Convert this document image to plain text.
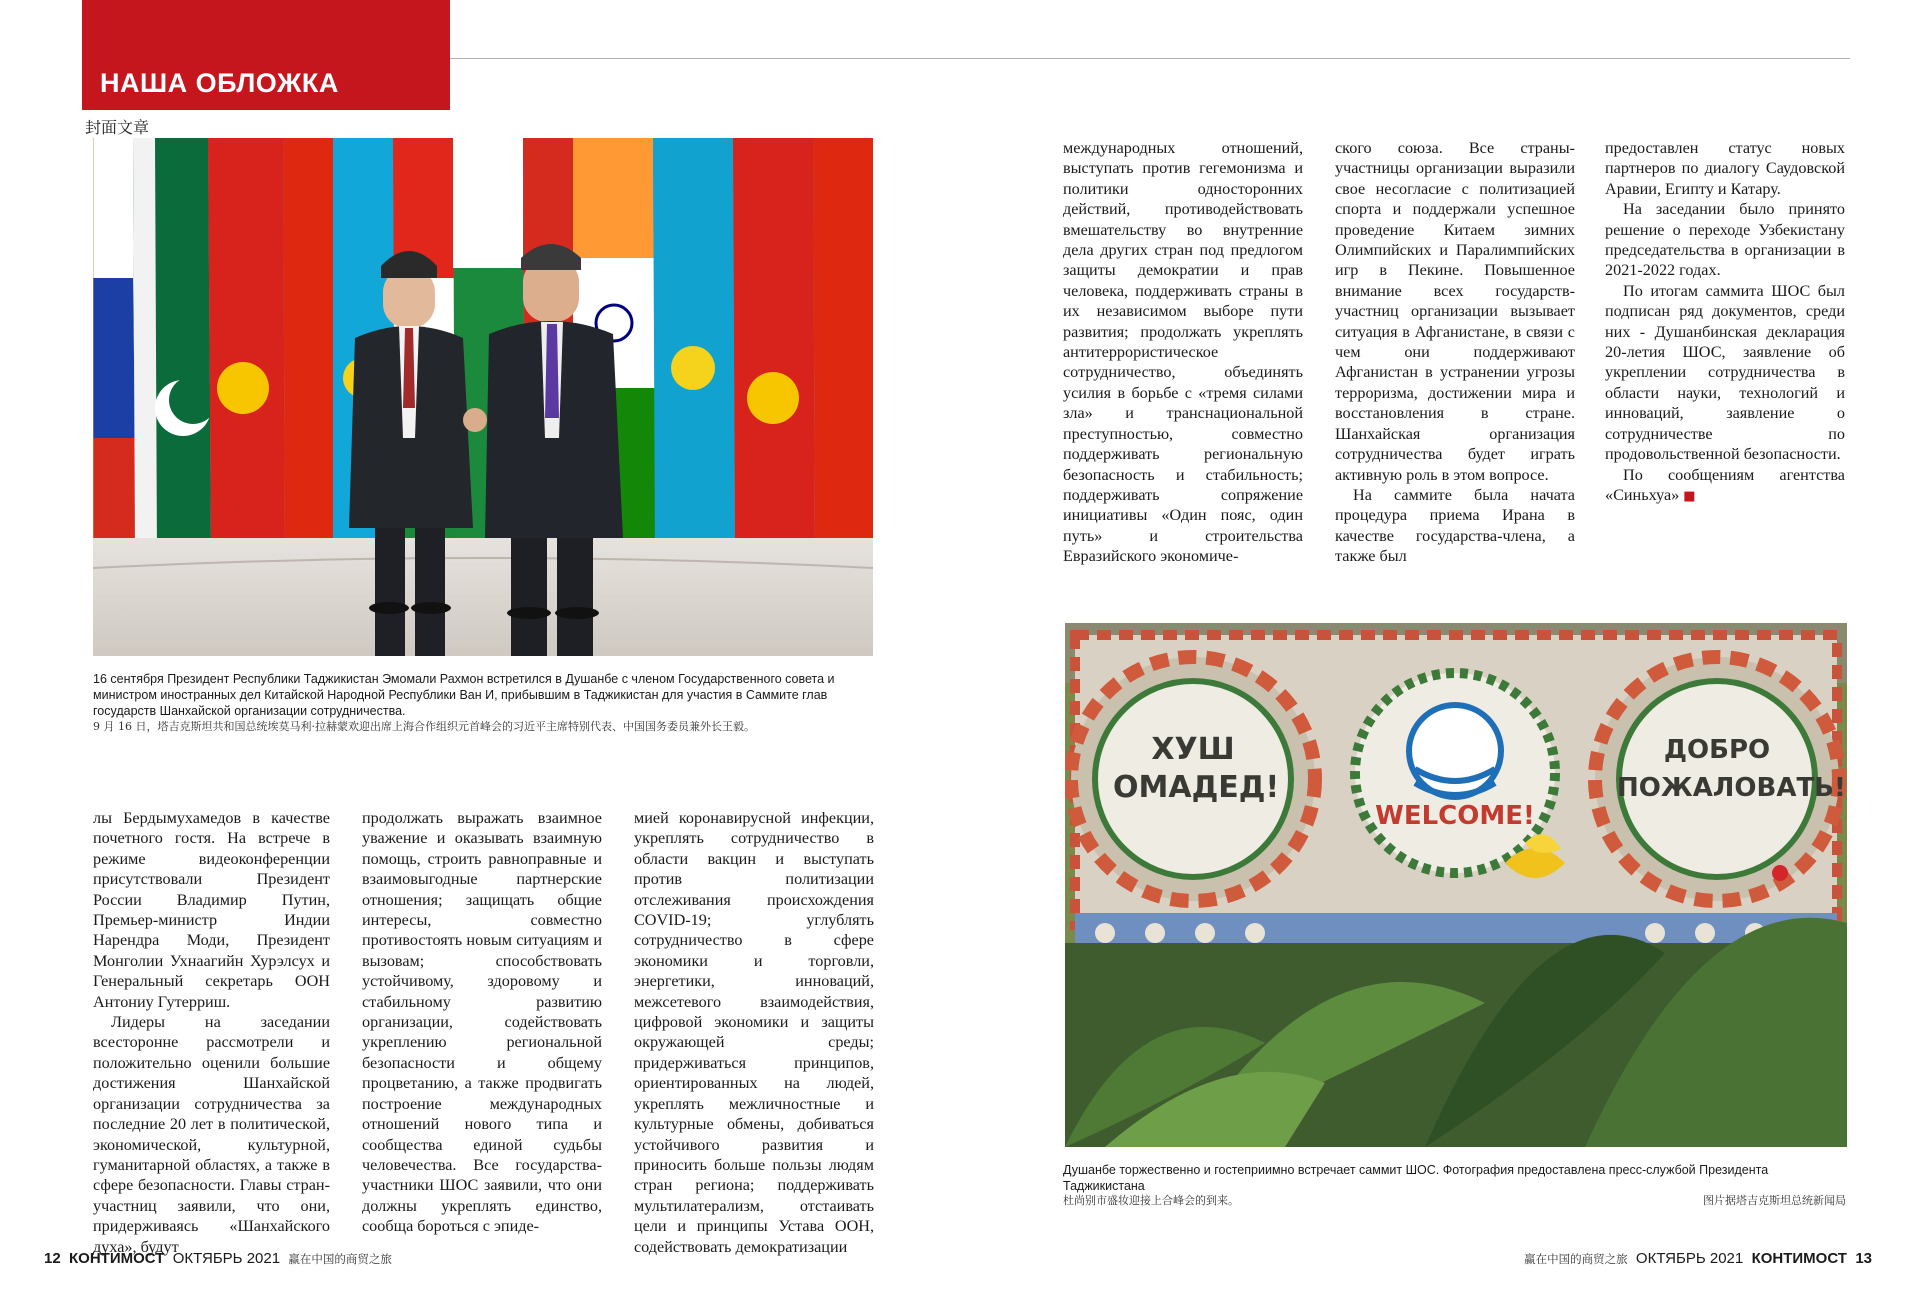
НАША ОБЛОЖКА
封面文章
16 сентября Президент Республики Таджикистан Эмомали Рахмон встретился в Душанбе с членом Государственного совета и министром иностранных дел Китайской Народной Республики Ван И, прибывшим в Таджикистан для участия в Саммите глав государств Шанхайской организации сотрудничества.
9 月 16 日，塔吉克斯坦共和国总统埃莫马利·拉赫蒙欢迎出席上海合作组织元首峰会的习近平主席特别代表、中国国务委员兼外长王毅。

лы Бердымухамедов в качестве почетного гостя. На встрече в режиме видеоконференции присутствовали Президент России Владимир Путин, Премьер-министр Индии Нарендра Моди, Президент Монголии Ухнаагийн Хурэлсух и Генеральный секретарь ООН Антониу Гутерриш.

Лидеры на заседании всесторонне рассмотрели и положительно оценили большие достижения Шанхайской организации сотрудничества за последние 20 лет в политической, экономической, культурной, гуманитарной областях, а также в сфере безопасности. Главы стран-участниц заявили, что они, придерживаясь «Шанхайского духа», будут

продолжать выражать взаимное уважение и оказывать взаимную помощь, строить равноправные и взаимовыгодные партнерские отношения; защищать общие интересы, совместно противостоять новым ситуациям и вызовам; способствовать устойчивому, здоровому и стабильному развитию организации, содействовать укреплению региональной безопасности и общему процветанию, а также продвигать построение международных отношений нового типа и сообщества единой судьбы человечества. Все государства-участники ШОС заявили, что они должны укреплять единство, сообща бороться с эпиде-

мией коронавирусной инфекции, укреплять сотрудничество в области вакцин и выступать против политизации отслеживания происхождения COVID-19; углублять сотрудничество в сфере экономики и торговли, энергетики, инноваций, межсетевого взаимодействия, цифровой экономики и защиты окружающей среды; придерживаться принципов, ориентированных на людей, укреплять межличностные и культурные обмены, добиваться устойчивого развития и приносить больше пользы людям стран региона; поддерживать мультилатерализм, отстаивать цели и принципы Устава ООН, содействовать демократизации

международных отношений, выступать против гегемонизма и политики односторонних действий, противодействовать вмешательству во внутренние дела других стран под предлогом защиты демократии и прав человека, поддерживать страны в их независимом выборе пути развития; продолжать укреплять антитеррористическое сотрудничество, объединять усилия в борьбе с «тремя силами зла» и транснациональной преступностью, совместно поддерживать региональную безопасность и стабильность; поддерживать сопряжение инициативы «Один пояс, один путь» и строительства Евразийского экономиче-

ского союза. Все страны-участницы организации выразили свое несогласие с политизацией спорта и поддержали успешное проведение Китаем зимних Олимпийских и Паралимпийских игр в Пекине. Повышенное внимание всех государств-участниц организации вызывает ситуация в Афганистане, в связи с чем они поддерживают Афганистан в устранении угрозы терроризма, достижении мира и восстановления в стране. Шанхайская организация сотрудничества будет играть активную роль в этом вопросе.

На саммите была начата процедура приема Ирана в качестве государства-члена, а также был

предоставлен статус новых партнеров по диалогу Саудовской Аравии, Египту и Катару.

На заседании было принято решение о переходе Узбекистану председательства в организации в 2021-2022 годах.

По итогам саммита ШОС был подписан ряд документов, среди них - Душанбинская декларация 20-летия ШОС, заявление об укреплении сотрудничества в области науки, технологий и инноваций, заявление о сотрудничестве по продовольственной безопасности.

По сообщениям агентства «Синьхуа» ■

ХУШ ОМАДЕД!
WELCOME!
ДОБРО ПОЖАЛОВАТЬ!
Душанбе торжественно и гостеприимно встречает саммит ШОС. Фотография предоставлена пресс-службой Президента Таджикистана
杜尚别市盛妆迎接上合峰会的到来。	图片据塔吉克斯坦总统新闻局
12 КОНТИМОСТ ОКТЯБРЬ 2021 赢在中国的商贸之旅	赢在中国的商贸之旅 ОКТЯБРЬ 2021 КОНТИМОСТ 13
